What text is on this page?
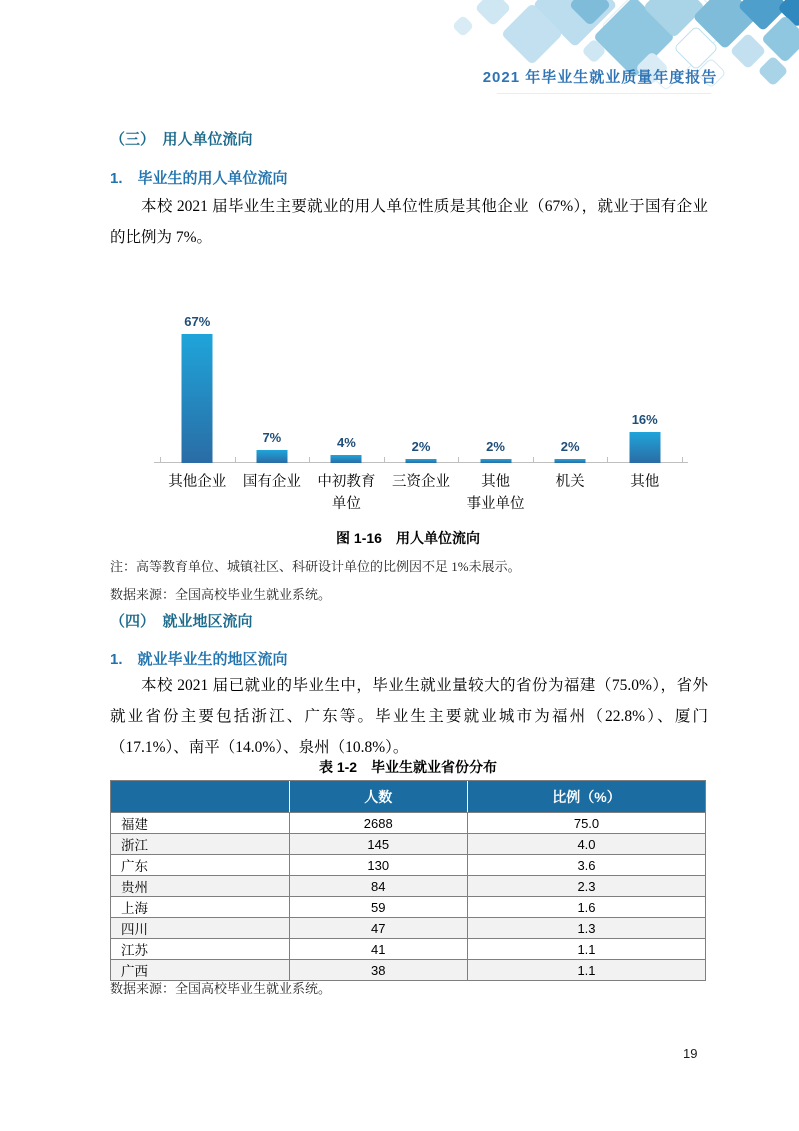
2021 年毕业生就业质量年度报告
（三）　用人单位流向
1.　毕业生的用人单位流向

本校 2021 届毕业生主要就业的用人单位性质是其他企业（67%），就业于国有企业的比例为 7%。

67%
7%	4%	2%	2%	2%
16%
其他企业	国有企业	中初教育
单位
三资企业	其他
事业单位
机关	其他

图 1-16　用人单位流向

注：高等教育单位、城镇社区、科研设计单位的比例因不足 1%未展示。

数据来源：全国高校毕业生就业系统。

（四）　就业地区流向
1.　就业毕业生的地区流向

本校 2021 届已就业的毕业生中，毕业生就业量较大的省份为福建（75.0%），省外就业省份主要包括浙江、广东等。毕业生主要就业城市为福州（22.8%）、厦门（17.1%）、南平（14.0%）、泉州（10.8%）。

表 1-2　毕业生就业省份分布

	人数	比例（%）
福建	2688	75.0
浙江	145	4.0
广东	130	3.6
贵州	84	2.3
上海	59	1.6
四川	47	1.3
江苏	41	1.1
广西	38	1.1

数据来源：全国高校毕业生就业系统。

19
